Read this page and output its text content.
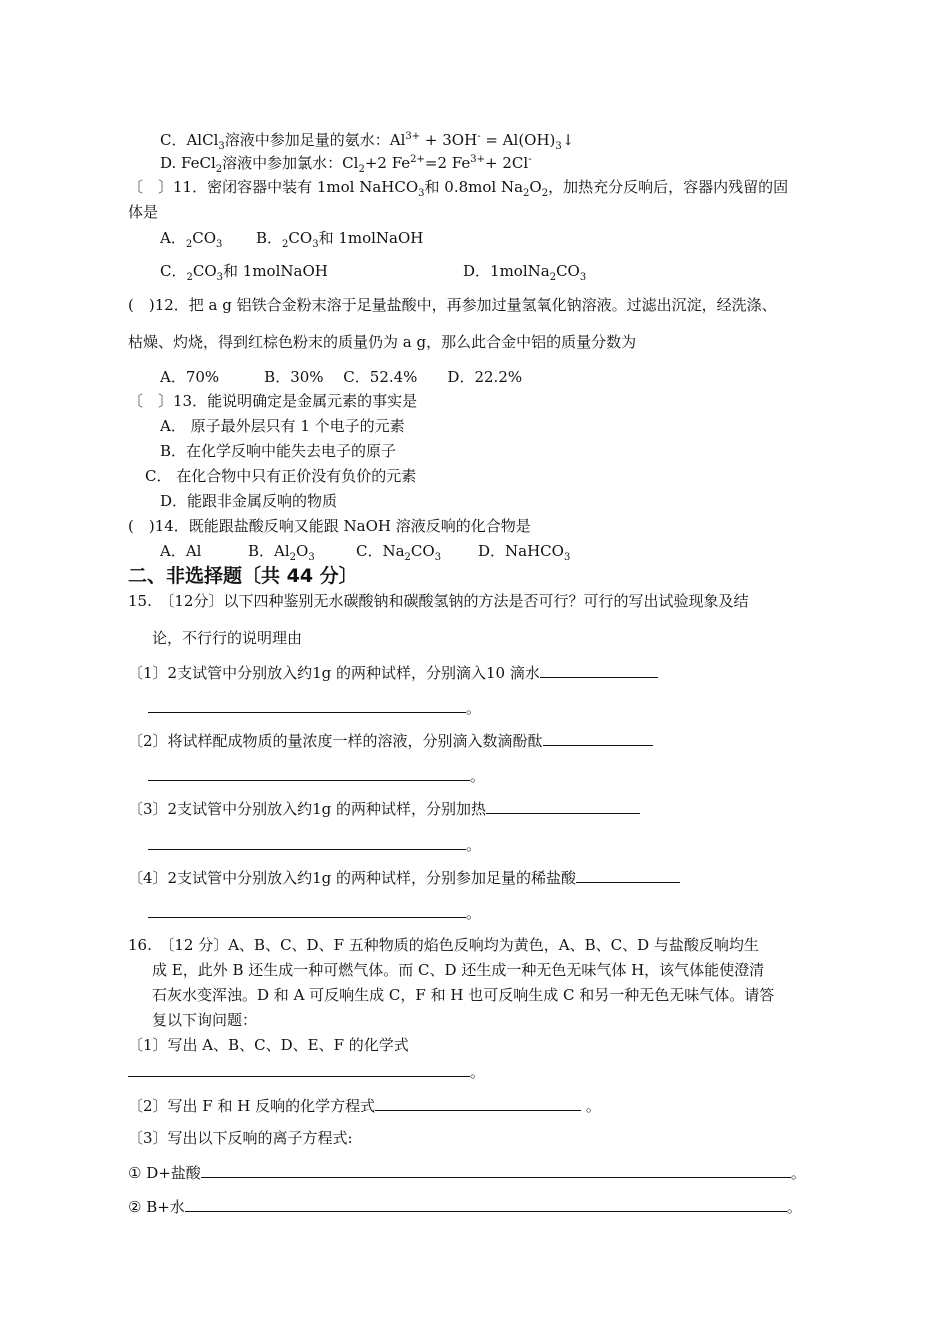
C．AlCl$_3$溶液中参加足量的氨水：$Al^{3+} + 3OH^-$ = $Al(OH)_3↓$
D. FeCl$_2$溶液中参加氯水：$Cl_2+2$ $Fe^{2+}=2$ $Fe^{3+}+ 2Cl^-$
〔　〕11．密闭容器中装有 1mol NaHCO$_3$和 0.8mol $Na_2O_2$，加热充分反响后，容器内残留的固
体是
A．$_2CO_3$ B．$_2CO_3$和 1molNaOH
C．$_2CO_3$和 1molNaOH	D．$1molNa_2CO_3$
(　)12．把 a g 铝铁合金粉末溶于足量盐酸中，再参加过量氢氧化钠溶液。过滤出沉淀，经洗涤、
枯燥、灼烧，得到红棕色粉末的质量仍为 a g，那么此合金中铝的质量分数为
A．70%　　　B．30%　 C．52.4%　　D．22.2%
〔　〕13．能说明确定是金属元素的事实是
A． 原子最外层只有 1 个电子的元素
B．在化学反响中能失去电子的原子
C． 在化合物中只有正价没有负价的元素
D．能跟非金属反响的物质
(　)14．既能跟盐酸反响又能跟 NaOH 溶液反响的化合物是
A．Al	B．$Al_2O_3$	C．$Na_2CO_3$ D．NaHCO$_3$
二、非选择题〔共 44 分〕
15.　〔12分〕以下四种鉴别无水碳酸钠和碳酸氢钠的方法是否可行？可行的写出试验现象及结
论，不行行的说明理由
〔1〕2支试管中分别放入约1g 的两种试样，分别滴入10 滴水
。
〔2〕将试样配成物质的量浓度一样的溶液，分别滴入数滴酚酞
。
〔3〕2支试管中分别放入约1g 的两种试样，分别加热
。
〔4〕2支试管中分别放入约1g 的两种试样，分别参加足量的稀盐酸
。
16.　〔12 分〕A、B、C、D、F 五种物质的焰色反响均为黄色，A、B、C、D 与盐酸反响均生
成 E，此外 B 还生成一种可燃气体。而 C、D 还生成一种无色无味气体 H，该气体能使澄清
石灰水变浑浊。D 和 A 可反响生成 C，F 和 H 也可反响生成 C 和另一种无色无味气体。请答
复以下询问题：
〔1〕写出 A、B、C、D、E、F 的化学式
。
〔2〕写出 F 和 H 反响的化学方程式	。
〔3〕写出以下反响的离子方程式:
① D+盐酸	。
② B+水	。
